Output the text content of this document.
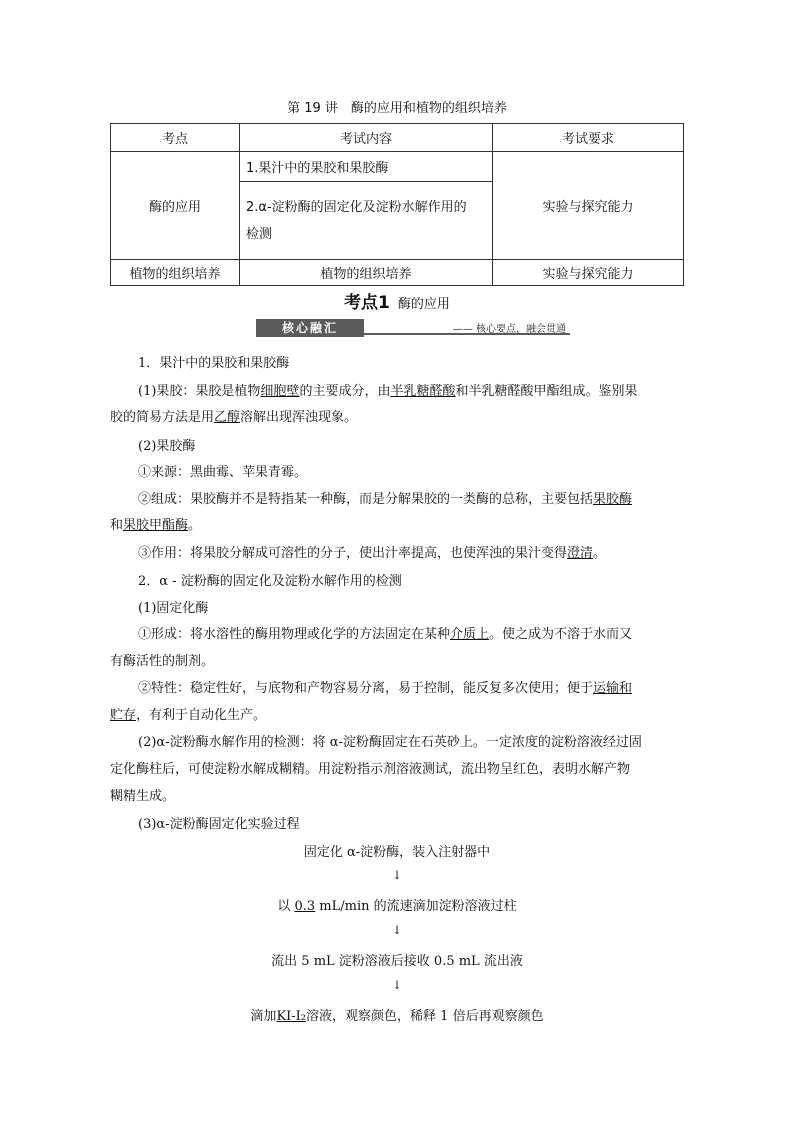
第 19 讲　酶的应用和植物的组织培养
考点	考试内容	考试要求
酶的应用	1.果汁中的果胶和果胶酶	实验与探究能力

	2.α-淀粉酶的固定化及淀粉水解作用的
检测	

植物的组织培养	植物的组织培养	实验与探究能力
考点1 酶的应用
核心融汇	—— 核心要点，融会贯通
1．果汁中的果胶和果胶酶
(1)果胶：果胶是植物细胞壁的主要成分，由半乳糖醛酸和半乳糖醛酸甲酯组成。鉴别果
胶的简易方法是用乙醇溶解出现浑浊现象。
(2)果胶酶
①来源：黑曲霉、苹果青霉。
②组成：果胶酶并不是特指某一种酶，而是分解果胶的一类酶的总称，主要包括果胶酶
和果胶甲酯酶。
③作用：将果胶分解成可溶性的分子，使出汁率提高，也使浑浊的果汁变得澄清。
2．α - 淀粉酶的固定化及淀粉水解作用的检测
(1)固定化酶
①形成：将水溶性的酶用物理或化学的方法固定在某种介质上。使之成为不溶于水而又
有酶活性的制剂。
②特性：稳定性好，与底物和产物容易分离，易于控制，能反复多次使用；便于运输和
贮存，有利于自动化生产。
(2)α-淀粉酶水解作用的检测：将 α-淀粉酶固定在石英砂上。一定浓度的淀粉溶液经过固
定化酶柱后，可使淀粉水解成糊精。用淀粉指示剂溶液测试，流出物呈红色，表明水解产物
糊精生成。
(3)α-淀粉酶固定化实验过程
固定化 α-淀粉酶，装入注射器中
↓
以 0.3 mL/min 的流速滴加淀粉溶液过柱
↓
流出 5 mL 淀粉溶液后接收 0.5 mL 流出液
↓
滴加KI-I₂溶液，观察颜色，稀释 1 倍后再观察颜色
